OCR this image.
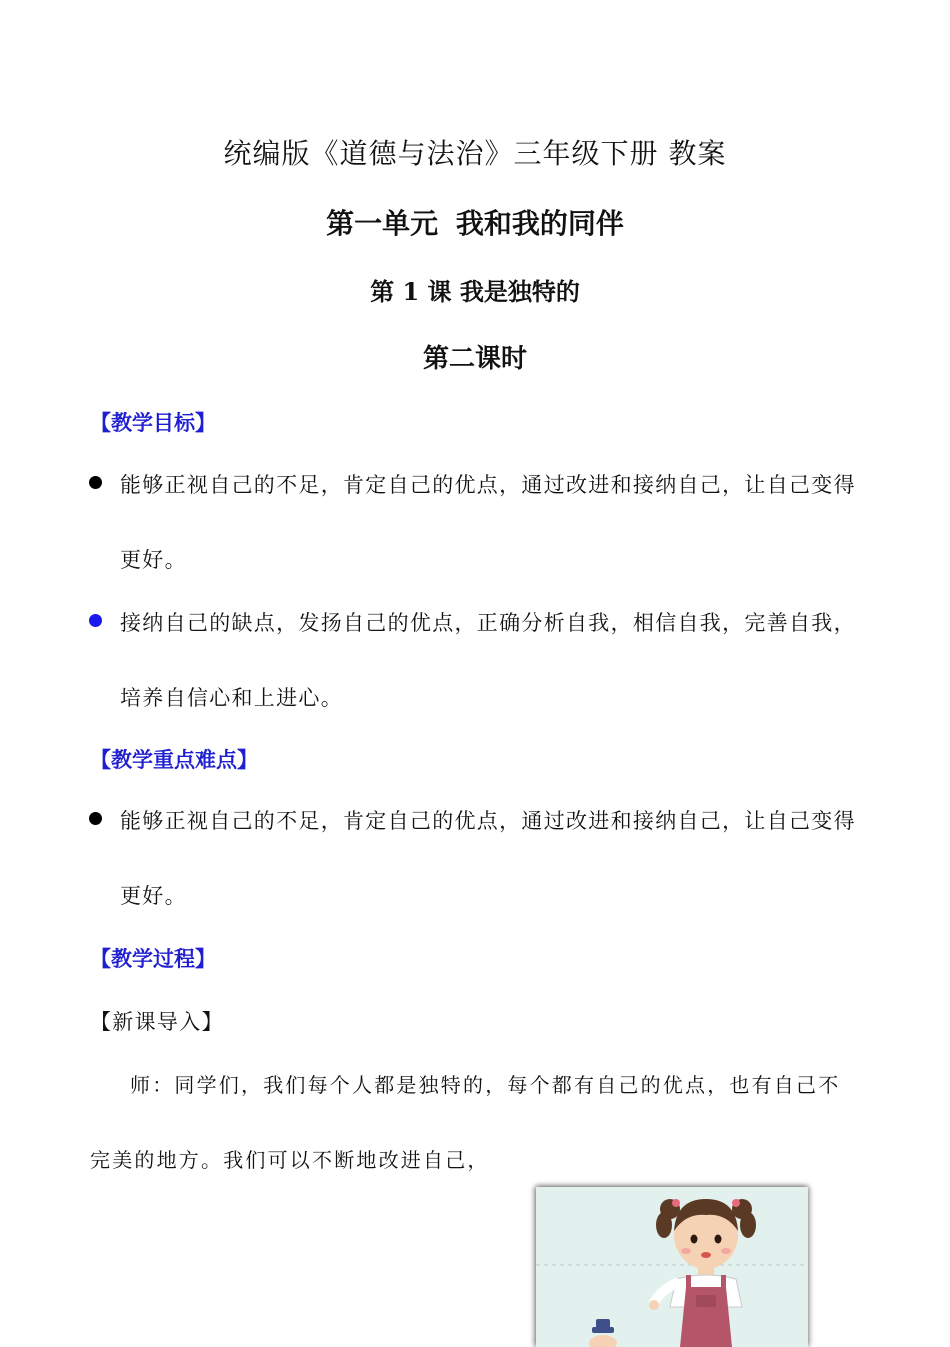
统编版《道德与法治》三年级下册 教案
第一单元 我和我的同伴
第 1 课 我是独特的
第二课时

【教学目标】

能够正视自己的不足，肯定自己的优点，通过改进和接纳自己，让自己变得

更好。

接纳自己的缺点，发扬自己的优点，正确分析自我，相信自我，完善自我，

培养自信心和上进心。

【教学重点难点】

能够正视自己的不足，肯定自己的优点，通过改进和接纳自己，让自己变得

更好。

【教学过程】

【新课导入】

师：同学们，我们每个人都是独特的，每个都有自己的优点，也有自己不

完美的地方。我们可以不断地改进自己，
